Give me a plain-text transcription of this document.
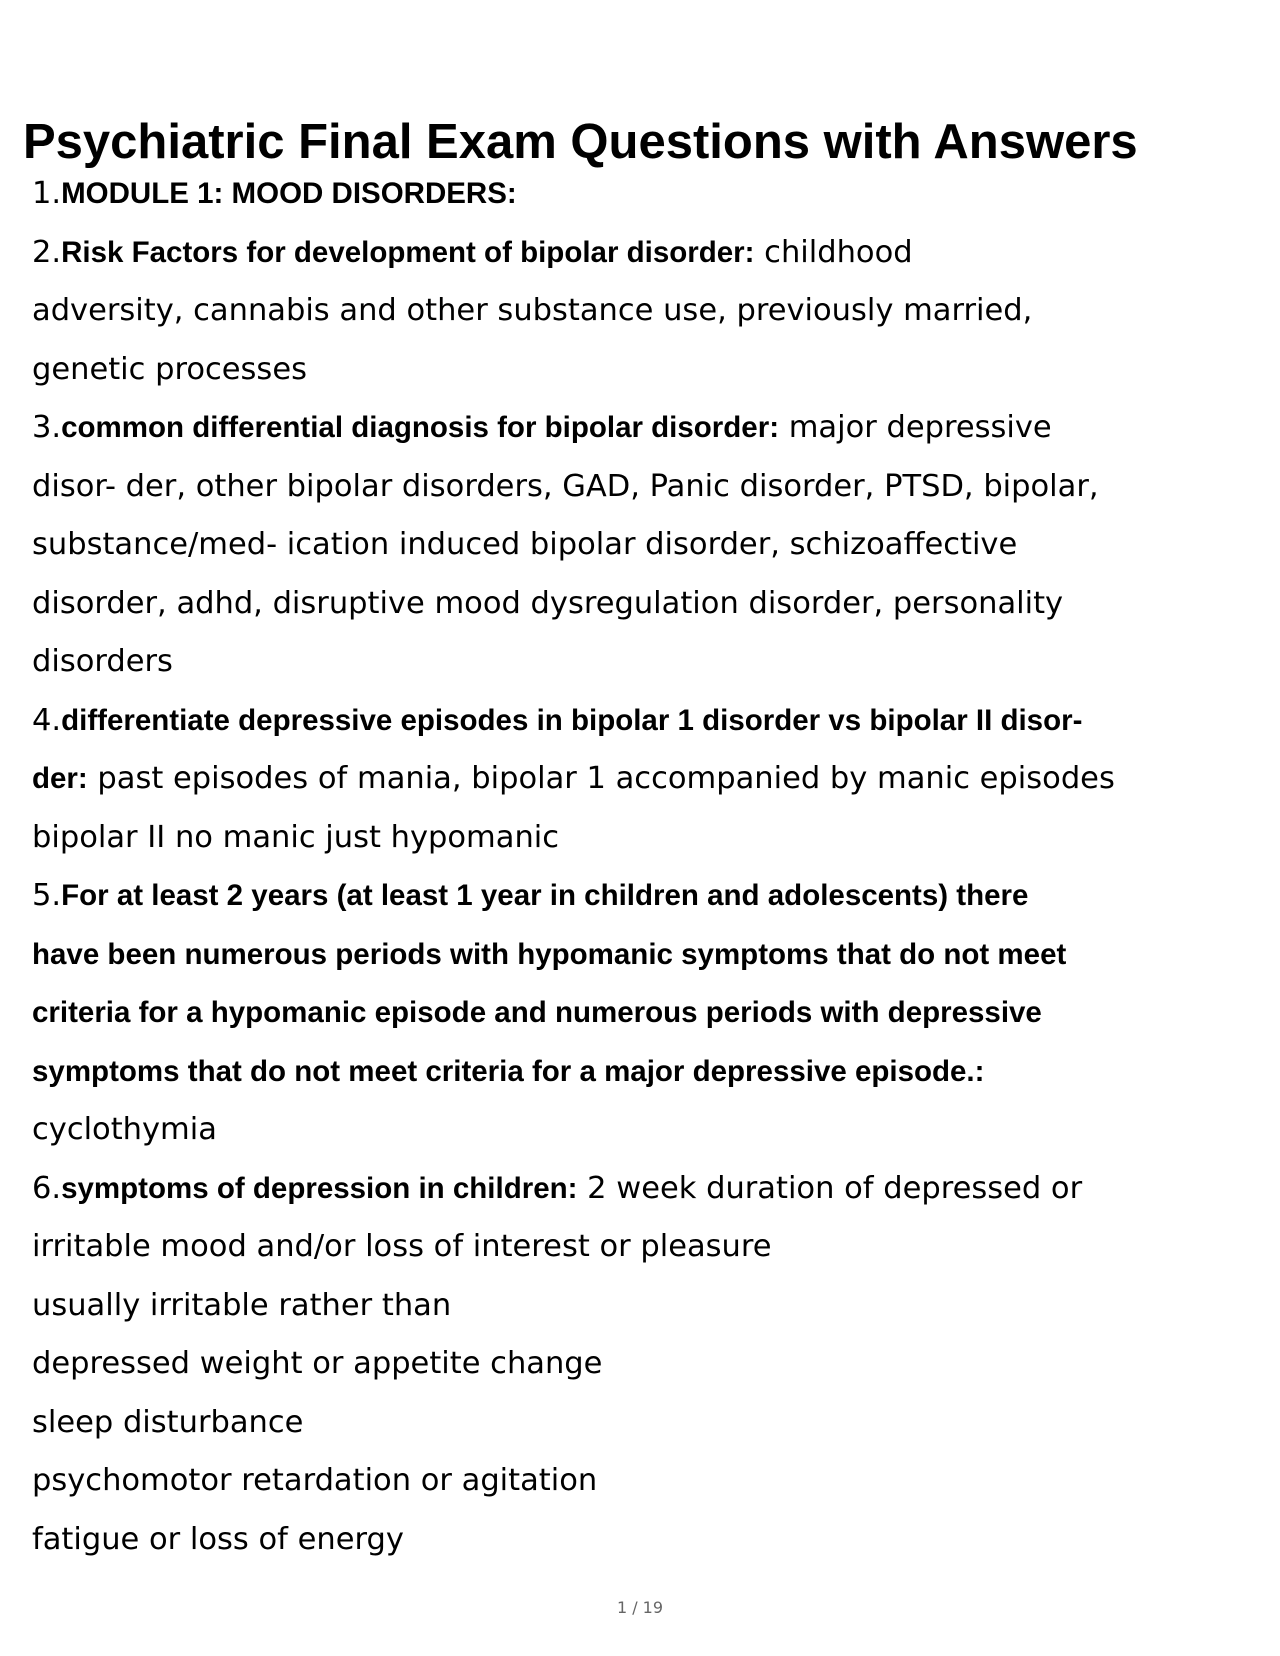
Psychiatric Final Exam Questions with Answers
1.MODULE 1: MOOD DISORDERS:
2.Risk Factors for development of bipolar disorder: childhood
adversity, cannabis and other substance use, previously married,
genetic processes
3.common differential diagnosis for bipolar disorder: major depressive
disor- der, other bipolar disorders, GAD, Panic disorder, PTSD, bipolar,
substance/med- ication induced bipolar disorder, schizoaffective
disorder, adhd, disruptive mood dysregulation disorder, personality
disorders
4.differentiate depressive episodes in bipolar 1 disorder vs bipolar II disor-
der: past episodes of mania, bipolar 1 accompanied by manic episodes
bipolar II no manic just hypomanic
5.For at least 2 years (at least 1 year in children and adolescents) there
have been numerous periods with hypomanic symptoms that do not meet
criteria for a hypomanic episode and numerous periods with depressive
symptoms that do not meet criteria for a major depressive episode.:
cyclothymia
6.symptoms of depression in children: 2 week duration of depressed or
irritable mood and/or loss of interest or pleasure
usually irritable rather than
depressed weight or appetite change
sleep disturbance
psychomotor retardation or agitation
fatigue or loss of energy
1 / 19
